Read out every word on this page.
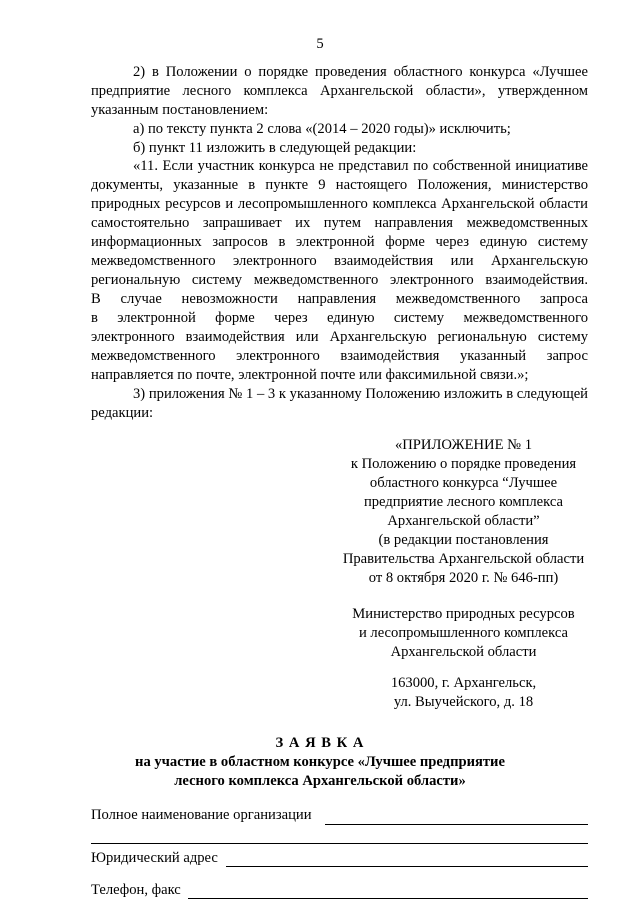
5
2) в Положении о порядке проведения областного конкурса «Лучшее
предприятие лесного комплекса Архангельской области», утвержденном
указанным постановлением:
а) по тексту пункта 2 слова «(2014 – 2020 годы)» исключить;
б) пункт 11 изложить в следующей редакции:
«11. Если участник конкурса не представил по собственной инициативе
документы, указанные в пункте 9 настоящего Положения, министерство
природных ресурсов и лесопромышленного комплекса Архангельской области
самостоятельно запрашивает их путем направления межведомственных
информационных запросов в электронной форме через единую систему
межведомственного электронного взаимодействия или Архангельскую
региональную систему межведомственного электронного взаимодействия.
В случае невозможности направления межведомственного запроса
в электронной форме через единую систему межведомственного
электронного взаимодействия или Архангельскую региональную систему
межведомственного электронного взаимодействия указанный запрос
направляется по почте, электронной почте или факсимильной связи.»;
3) приложения № 1 – 3 к указанному Положению изложить в следующей
редакции:
«ПРИЛОЖЕНИЕ № 1
к Положению о порядке проведения
областного конкурса “Лучшее
предприятие лесного комплекса
Архангельской области”
(в редакции постановления
Правительства Архангельской области
от 8 октября 2020 г. № 646-пп)
Министерство природных ресурсов
и лесопромышленного комплекса
Архангельской области
163000, г. Архангельск,
ул. Выучейского, д. 18
З А Я В К А
на участие в областном конкурсе «Лучшее предприятие
лесного комплекса Архангельской области»
Полное наименование организации
Юридический адрес
Телефон, факс
